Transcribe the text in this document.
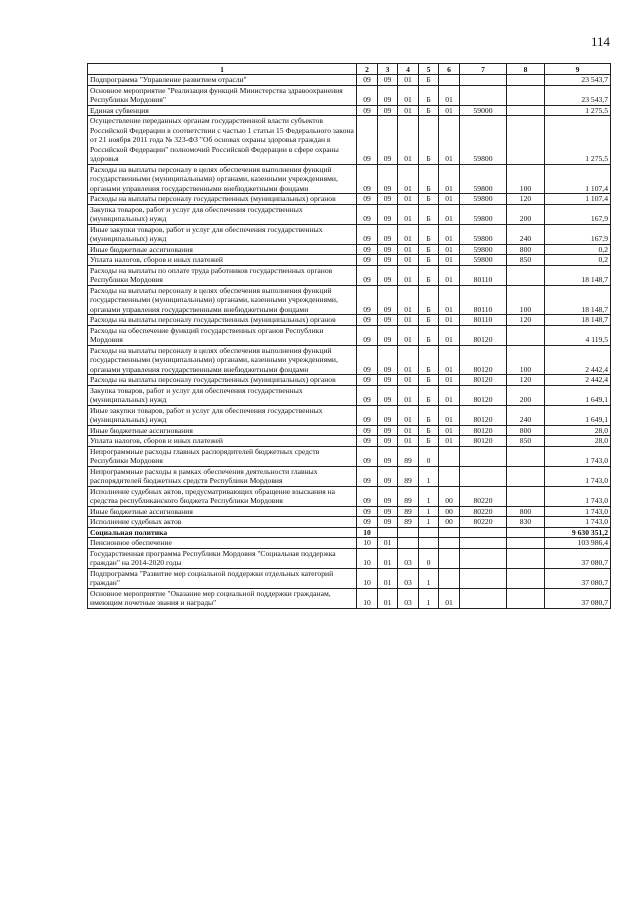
114
1	2	3	4	5	6	7	8	9
Подпрограмма "Управление развитием отрасли"	09	09	01	Б				23 543,7
Основное мероприятие "Реализация функций Министерства здравоохранения Республики Мордовия"	09	09	01	Б	01			23 543,7
Единая субвенция	09	09	01	Б	01	59000		1 275,5
Осуществление переданных органам государственной власти субъектов Российской Федерации в соответствии с частью 1 статьи 15 Федерального закона от 21 ноября 2011 года № 323-ФЗ "Об основах охраны здоровья граждан в Российской Федерации" полномочий Российской Федерации в сфере охраны здоровья	09	09	01	Б	01	59800		1 275,5
Расходы на выплаты персоналу в целях обеспечения выполнения функций государственными (муниципальными) органами, казенными учреждениями, органами управления государственными внебюджетными фондами	09	09	01	Б	01	59800	100	1 107,4
Расходы на выплаты персоналу государственных (муниципальных) органов	09	09	01	Б	01	59800	120	1 107,4
Закупка товаров, работ и услуг для обеспечения государственных (муниципальных) нужд	09	09	01	Б	01	59800	200	167,9
Иные закупки товаров, работ и услуг для обеспечения государственных (муниципальных) нужд	09	09	01	Б	01	59800	240	167,9
Иные бюджетные ассигнования	09	09	01	Б	01	59800	800	0,2
Уплата налогов, сборов и иных платежей	09	09	01	Б	01	59800	850	0,2
Расходы на выплаты по оплате труда работников государственных органов Республики Мордовия	09	09	01	Б	01	80110		18 148,7
Расходы на выплаты персоналу в целях обеспечения выполнения функций государственными (муниципальными) органами, казенными учреждениями, органами управления государственными внебюджетными фондами	09	09	01	Б	01	80110	100	18 148,7
Расходы на выплаты персоналу государственных (муниципальных) органов	09	09	01	Б	01	80110	120	18 148,7
Расходы на обеспечение функций государственных органов Республики Мордовия	09	09	01	Б	01	80120		4 119,5
Расходы на выплаты персоналу в целях обеспечения выполнения функций государственными (муниципальными) органами, казенными учреждениями, органами управления государственными внебюджетными фондами	09	09	01	Б	01	80120	100	2 442,4
Расходы на выплаты персоналу государственных (муниципальных) органов	09	09	01	Б	01	80120	120	2 442,4
Закупка товаров, работ и услуг для обеспечения государственных (муниципальных) нужд	09	09	01	Б	01	80120	200	1 649,1
Иные закупки товаров, работ и услуг для обеспечения государственных (муниципальных) нужд	09	09	01	Б	01	80120	240	1 649,1
Иные бюджетные ассигнования	09	09	01	Б	01	80120	800	28,0
Уплата налогов, сборов и иных платежей	09	09	01	Б	01	80120	850	28,0
Непрограммные расходы главных распорядителей бюджетных средств Республики Мордовия	09	09	89	0				1 743,0
Непрограммные расходы в рамках обеспечения деятельности главных распорядителей бюджетных средств Республики Мордовия	09	09	89	1				1 743,0
Исполнение судебных актов, предусматривающих обращение взыскания на средства республиканского бюджета Республики Мордовия	09	09	89	1	00	80220		1 743,0
Иные бюджетные ассигнования	09	09	89	1	00	80220	800	1 743,0
Исполнение судебных актов	09	09	89	1	00	80220	830	1 743,0
Социальная политика	10							9 630 351,2
Пенсионное обеспечение	10	01						103 986,4
Государственная программа Республики Мордовия "Социальная поддержка граждан" на 2014-2020 годы	10	01	03	0				37 080,7
Подпрограмма "Развитие мер социальной поддержки отдельных категорий граждан"	10	01	03	1				37 080,7
Основное мероприятие "Оказание мер социальной поддержки гражданам, имеющим почетные звания и награды"	10	01	03	1	01			37 080,7
